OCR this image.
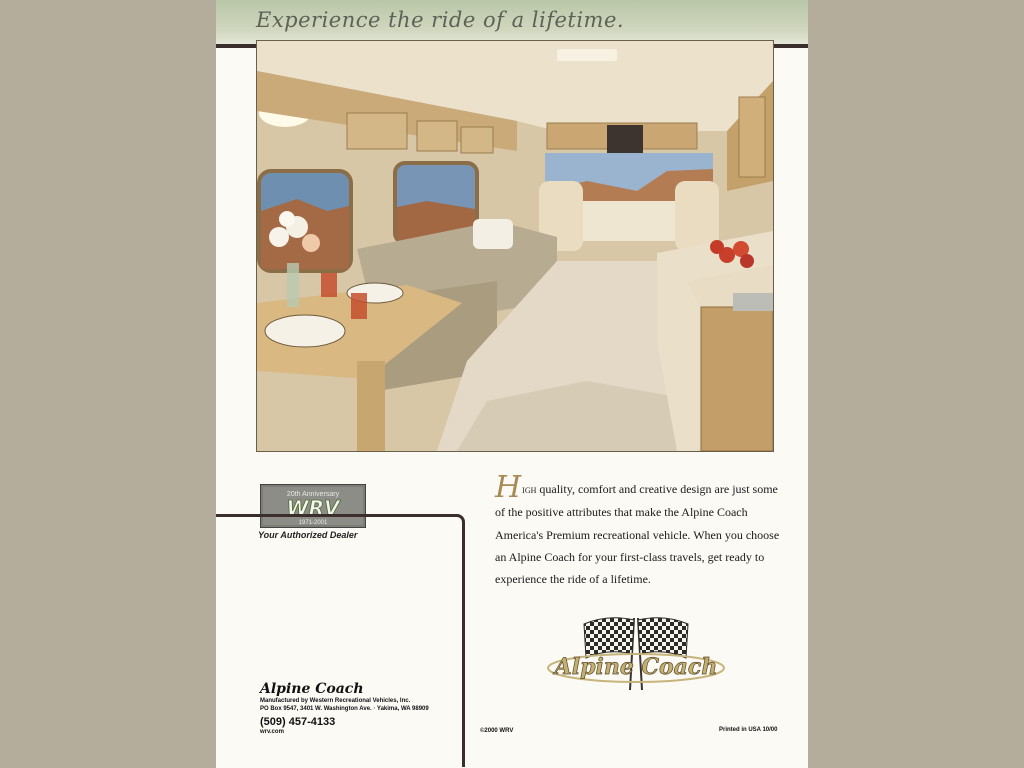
Experience the ride of a lifetime.
20th Anniversary
WRV
1971-2001
Your Authorized Dealer
High quality, comfort and creative design are just some of the positive attributes that make the Alpine Coach America's Premium recreational vehicle. When you choose an Alpine Coach for your first-class travels, get ready to experience the ride of a lifetime.
Alpine Coach
Alpine Coach
Manufactured by Western Recreational Vehicles, Inc.
PO Box 9547, 3401 W. Washington Ave. · Yakima, WA 98909
(509) 457-4133
wrv.com	©2000 WRV	Printed in USA 10/00
